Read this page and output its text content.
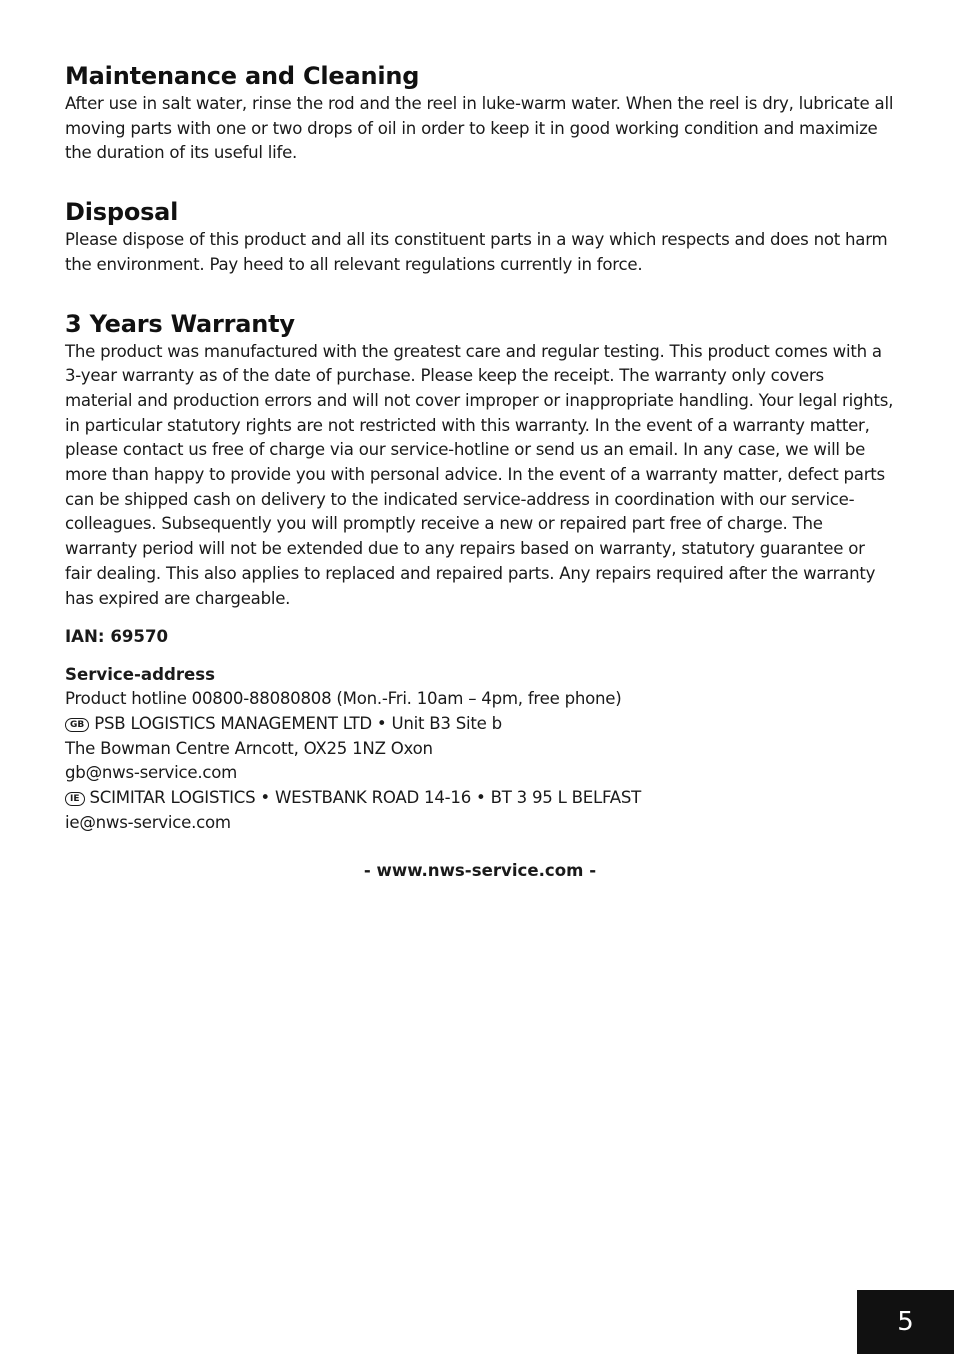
Maintenance and Cleaning

After use in salt water, rinse the rod and the reel in luke-warm water. When the reel is dry, lubricate all moving parts with one or two drops of oil in order to keep it in good working condition and maximize the duration of its useful life.

Disposal

Please dispose of this product and all its constituent parts in a way which respects and does not harm the environment. Pay heed to all relevant regulations currently in force.

3 Years Warranty

The product was manufactured with the greatest care and regular testing. This product comes with a 3-year warranty as of the date of purchase. Please keep the receipt. The warranty only covers material and production errors and will not cover improper or inappropriate handling. Your legal rights, in particular statutory rights are not restricted with this warranty. In the event of a warranty matter, please contact us free of charge via our service-hotline or send us an email. In any case, we will be more than happy to provide you with personal advice. In the event of a warranty matter, defect parts can be shipped cash on delivery to the indicated service-address in coordination with our service-colleagues. Subsequently you will promptly receive a new or repaired part free of charge. The warranty period will not be extended due to any repairs based on warranty, statutory guarantee or fair dealing. This also applies to replaced and repaired parts. Any repairs required after the warranty has expired are chargeable.

IAN: 69570
Service-address
Product hotline 00800-88080808 (Mon.-Fri. 10am – 4pm, free phone)
GB PSB LOGISTICS MANAGEMENT LTD • Unit B3 Site b
The Bowman Centre Arncott, OX25 1NZ Oxon
gb@nws-service.com
IE SCIMITAR LOGISTICS • WESTBANK ROAD 14-16 • BT 3 95 L BELFAST
ie@nws-service.com
- www.nws-service.com -
5
